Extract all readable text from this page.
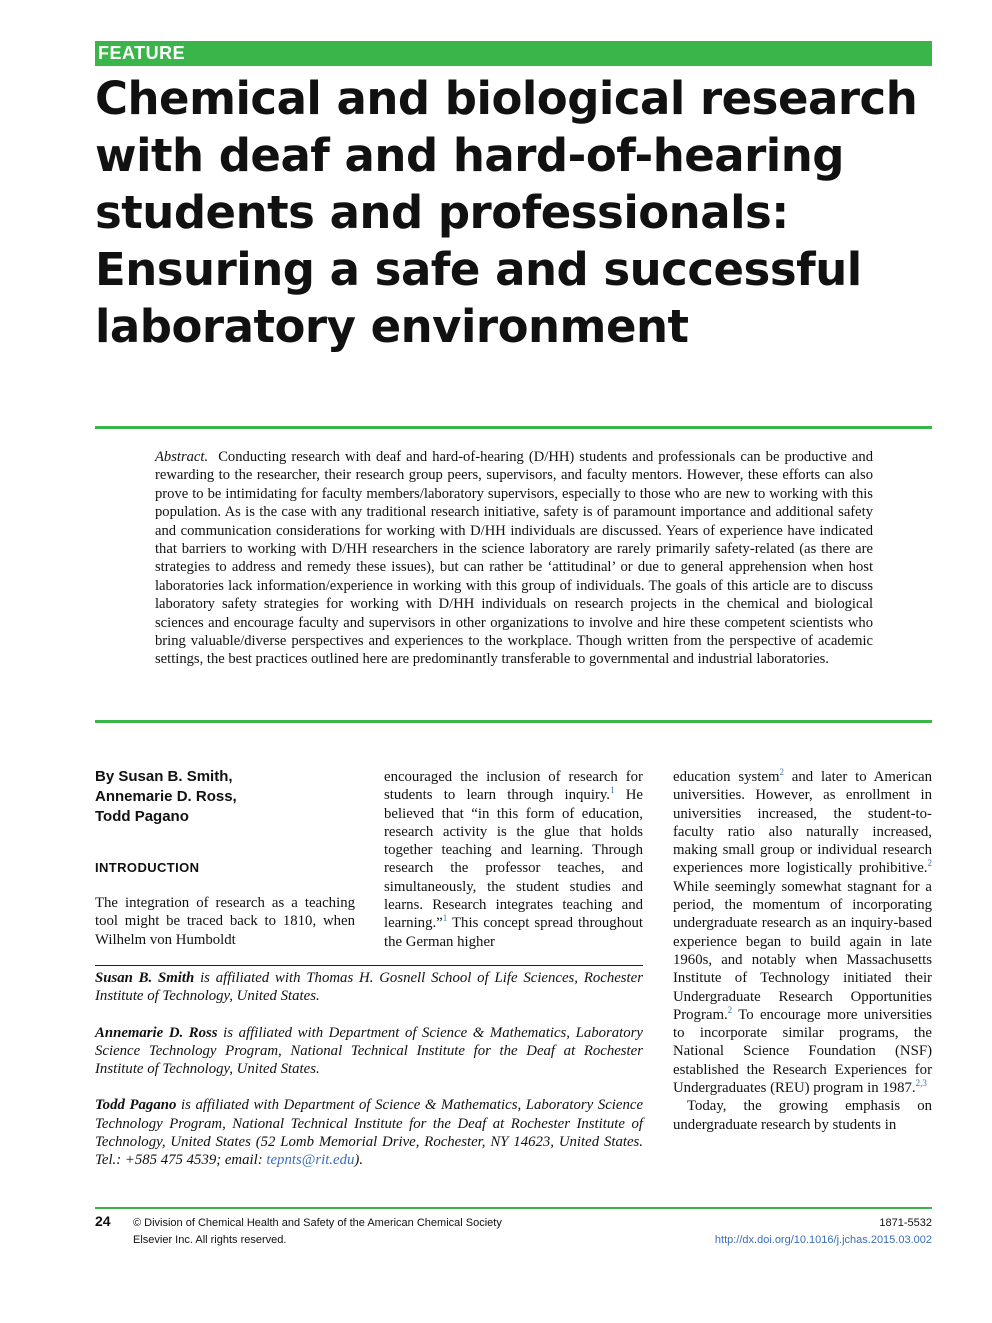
FEATURE
Chemical and biological research with deaf and hard-of-hearing students and professionals: Ensuring a safe and successful laboratory environment
Abstract. Conducting research with deaf and hard-of-hearing (D/HH) students and professionals can be productive and rewarding to the researcher, their research group peers, supervisors, and faculty mentors. However, these efforts can also prove to be intimidating for faculty members/laboratory supervisors, especially to those who are new to working with this population. As is the case with any traditional research initiative, safety is of paramount importance and additional safety and communication considerations for working with D/HH individuals are discussed. Years of experience have indicated that barriers to working with D/HH researchers in the science laboratory are rarely primarily safety-related (as there are strategies to address and remedy these issues), but can rather be ‘attitudinal’ or due to general apprehension when host laboratories lack information/experience in working with this group of individuals. The goals of this article are to discuss laboratory safety strategies for working with D/HH individuals on research projects in the chemical and biological sciences and encourage faculty and supervisors in other organizations to involve and hire these competent scientists who bring valuable/diverse perspectives and experiences to the workplace. Though written from the perspective of academic settings, the best practices outlined here are predominantly transferable to governmental and industrial laboratories.
By Susan B. Smith,
Annemarie D. Ross,
Todd Pagano
INTRODUCTION

The integration of research as a teaching tool might be traced back to 1810, when Wilhelm von Humboldt

encouraged the inclusion of research for students to learn through inquiry.$^1$ He believed that “in this form of education, research activity is the glue that holds together teaching and learning. Through research the professor teaches, and simultaneously, the student studies and learns. Research integrates teaching and learning.”$^1$ This concept spread throughout the German higher

education system$^2$ and later to American universities. However, as enrollment in universities increased, the student-to-faculty ratio also naturally increased, making small group or individual research experiences more logistically prohibitive.$^2$ While seemingly somewhat stagnant for a period, the momentum of incorporating undergraduate research as an inquiry-based experience began to build again in late 1960s, and notably when Massachusetts Institute of Technology initiated their Undergraduate Research Opportunities Program.$^2$ To encourage more universities to incorporate similar programs, the National Science Foundation (NSF) established the Research Experiences for Undergraduates (REU) program in 1987.$^{2,3}$

Today, the growing emphasis on undergraduate research by students in

Susan B. Smith is affiliated with Thomas H. Gosnell School of Life Sciences, Rochester Institute of Technology, United States.

Annemarie D. Ross is affiliated with Department of Science & Mathematics, Laboratory Science Technology Program, National Technical Institute for the Deaf at Rochester Institute of Technology, United States.

Todd Pagano is affiliated with Department of Science & Mathematics, Laboratory Science Technology Program, National Technical Institute for the Deaf at Rochester Institute of Technology, United States (52 Lomb Memorial Drive, Rochester, NY 14623, United States. Tel.: +585 475 4539; email: tepnts@rit.edu).

24 © Division of Chemical Health and Safety of the American Chemical Society
Elsevier Inc. All rights reserved.
1871-5532
http://dx.doi.org/10.1016/j.jchas.2015.03.002
